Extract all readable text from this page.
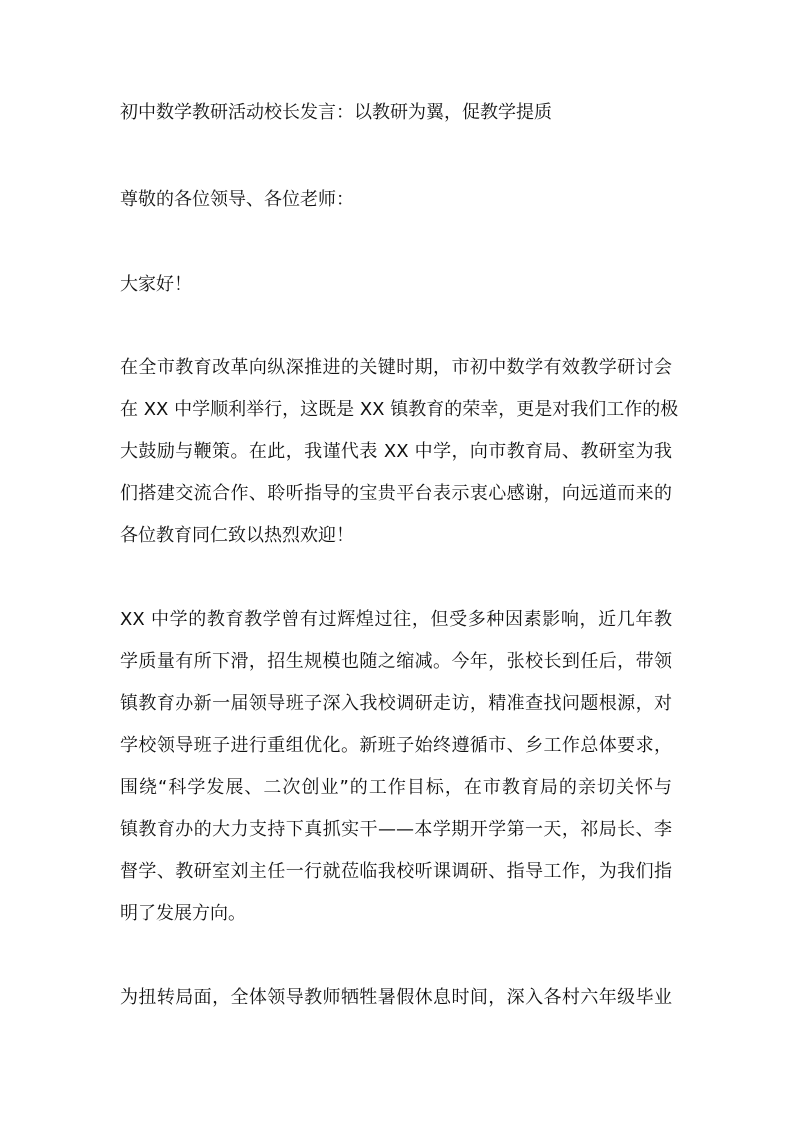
初中数学教研活动校长发言：以教研为翼，促教学提质
尊敬的各位领导、各位老师：
大家好！
在全市教育改革向纵深推进的关键时期，市初中数学有效教学研讨会
在 XX 中学顺利举行，这既是 XX 镇教育的荣幸，更是对我们工作的极
大鼓励与鞭策。在此，我谨代表 XX 中学，向市教育局、教研室为我
们搭建交流合作、聆听指导的宝贵平台表示衷心感谢，向远道而来的
各位教育同仁致以热烈欢迎！
XX 中学的教育教学曾有过辉煌过往，但受多种因素影响，近几年教
学质量有所下滑，招生规模也随之缩减。今年，张校长到任后，带领
镇教育办新一届领导班子深入我校调研走访，精准查找问题根源，对
学校领导班子进行重组优化。新班子始终遵循市、乡工作总体要求，
围绕“科学发展、二次创业”的工作目标，在市教育局的亲切关怀与
镇教育办的大力支持下真抓实干——本学期开学第一天，祁局长、李
督学、教研室刘主任一行就莅临我校听课调研、指导工作，为我们指
明了发展方向。
为扭转局面，全体领导教师牺牲暑假休息时间，深入各村六年级毕业
